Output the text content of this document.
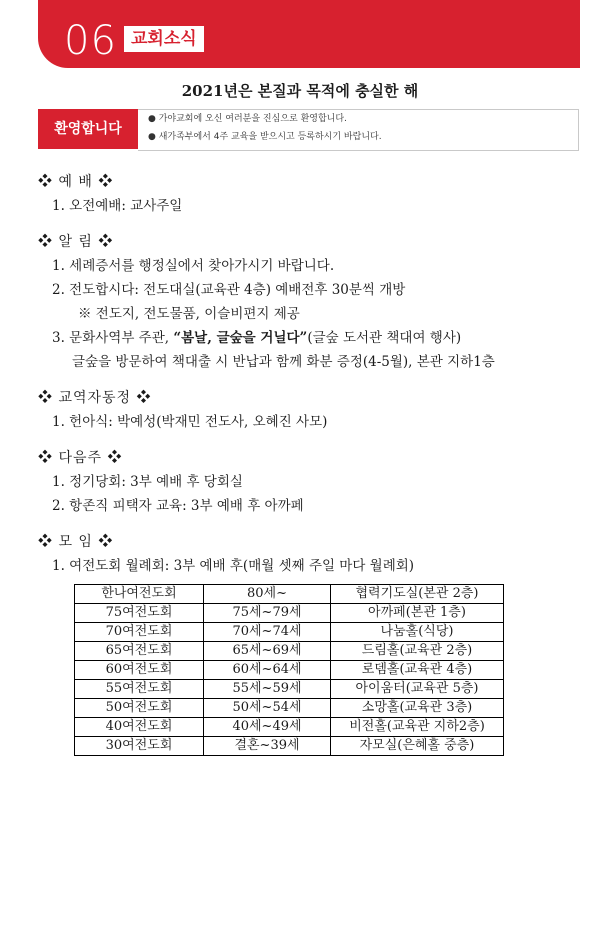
06 교회소식
2021년은 본질과 목적에 충실한 해
환영합니다
● 가야교회에 오신 여러분을 진심으로 환영합니다.
● 새가족부에서 4주 교육을 받으시고 등록하시기 바랍니다.
❖ 예 배 ❖
1. 오전예배: 교사주일
❖ 알 림 ❖
1. 세례증서를 행정실에서 찾아가시기 바랍니다.
2. 전도합시다: 전도대실(교육관 4층) 예배전후 30분씩 개방
※ 전도지, 전도물품, 이슬비편지 제공
3. 문화사역부 주관, “봄날, 글숲을 거닐다”(글숲 도서관 책대여 행사)
글숲을 방문하여 책대출 시 반납과 함께 화분 증정(4-5월), 본관 지하1층
❖ 교역자동정 ❖
1. 헌아식: 박예성(박재민 전도사, 오혜진 사모)
❖ 다음주 ❖
1. 정기당회: 3부 예배 후 당회실
2. 항존직 피택자 교육: 3부 예배 후 아까페
❖ 모 임 ❖
1. 여전도회 월례회: 3부 예배 후(매월 셋째 주일 마다 월례회)
한나여전도회	80세~	협력기도실(본관 2층)
75여전도회	75세~79세	아까페(본관 1층)
70여전도회	70세~74세	나눔홀(식당)
65여전도회	65세~69세	드림홀(교육관 2층)
60여전도회	60세~64세	로뎀홀(교육관 4층)
55여전도회	55세~59세	아이움터(교육관 5층)
50여전도회	50세~54세	소망홀(교육관 3층)
40여전도회	40세~49세	비전홀(교육관 지하2층)
30여전도회	결혼~39세	자모실(은혜홀 중층)
